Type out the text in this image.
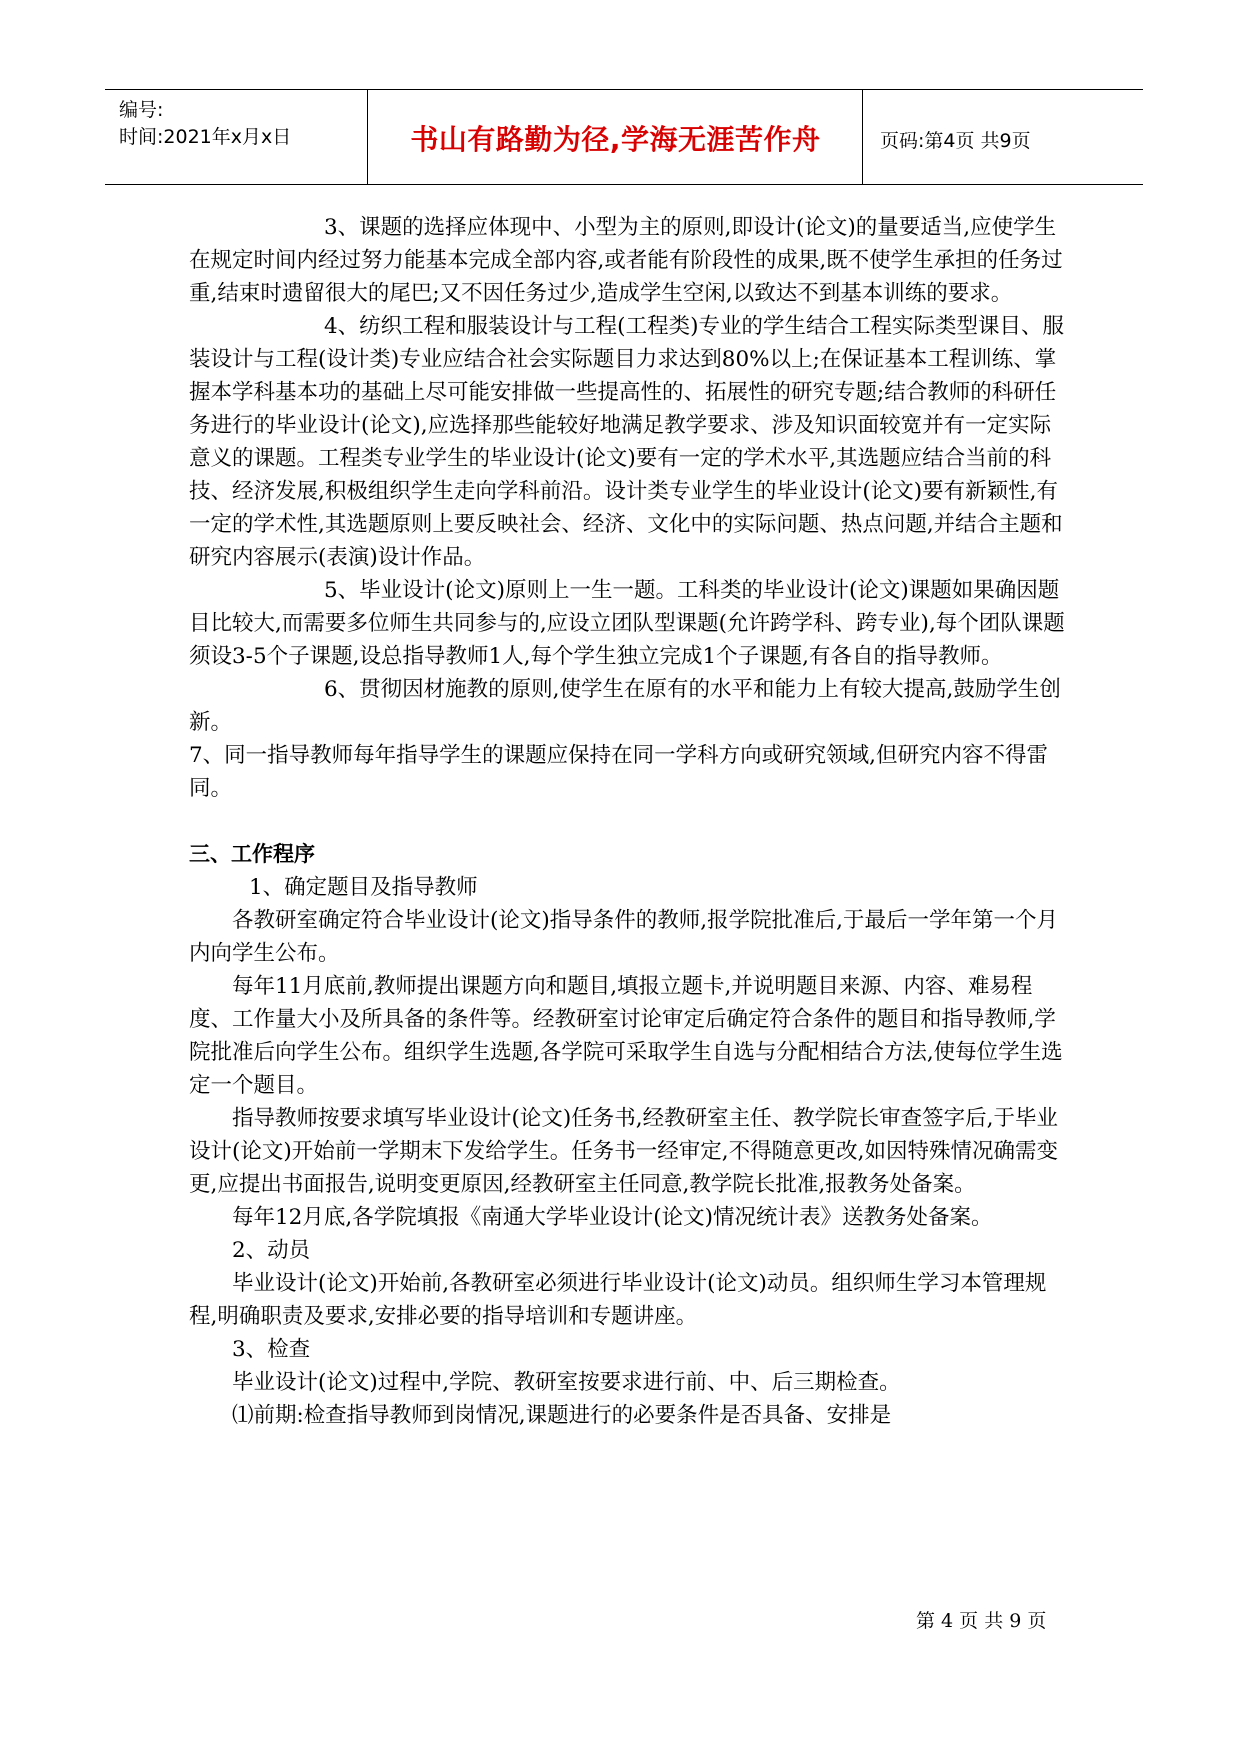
编号:
时间:2021年x月x日	书山有路勤为径,学海无涯苦作舟	页码:第4页 共9页

3、课题的选择应体现中、小型为主的原则,即设计(论文)的量要适当,应使学生在规定时间内经过努力能基本完成全部内容,或者能有阶段性的成果,既不使学生承担的任务过重,结束时遗留很大的尾巴;又不因任务过少,造成学生空闲,以致达不到基本训练的要求。

4、纺织工程和服装设计与工程(工程类)专业的学生结合工程实际类型课目、服装设计与工程(设计类)专业应结合社会实际题目力求达到80%以上;在保证基本工程训练、掌握本学科基本功的基础上尽可能安排做一些提高性的、拓展性的研究专题;结合教师的科研任务进行的毕业设计(论文),应选择那些能较好地满足教学要求、涉及知识面较宽并有一定实际意义的课题。工程类专业学生的毕业设计(论文)要有一定的学术水平,其选题应结合当前的科技、经济发展,积极组织学生走向学科前沿。设计类专业学生的毕业设计(论文)要有新颖性,有一定的学术性,其选题原则上要反映社会、经济、文化中的实际问题、热点问题,并结合主题和研究内容展示(表演)设计作品。

5、毕业设计(论文)原则上一生一题。工科类的毕业设计(论文)课题如果确因题目比较大,而需要多位师生共同参与的,应设立团队型课题(允许跨学科、跨专业),每个团队课题须设3-5个子课题,设总指导教师1人,每个学生独立完成1个子课题,有各自的指导教师。

6、贯彻因材施教的原则,使学生在原有的水平和能力上有较大提高,鼓励学生创新。

7、同一指导教师每年指导学生的课题应保持在同一学科方向或研究领域,但研究内容不得雷同。

三、工作程序

1、确定题目及指导教师

各教研室确定符合毕业设计(论文)指导条件的教师,报学院批准后,于最后一学年第一个月内向学生公布。

每年11月底前,教师提出课题方向和题目,填报立题卡,并说明题目来源、内容、难易程度、工作量大小及所具备的条件等。经教研室讨论审定后确定符合条件的题目和指导教师,学院批准后向学生公布。组织学生选题,各学院可采取学生自选与分配相结合方法,使每位学生选定一个题目。

指导教师按要求填写毕业设计(论文)任务书,经教研室主任、教学院长审查签字后,于毕业设计(论文)开始前一学期末下发给学生。任务书一经审定,不得随意更改,如因特殊情况确需变更,应提出书面报告,说明变更原因,经教研室主任同意,教学院长批准,报教务处备案。

每年12月底,各学院填报《南通大学毕业设计(论文)情况统计表》送教务处备案。

2、动员

毕业设计(论文)开始前,各教研室必须进行毕业设计(论文)动员。组织师生学习本管理规程,明确职责及要求,安排必要的指导培训和专题讲座。

3、检查

毕业设计(论文)过程中,学院、教研室按要求进行前、中、后三期检查。

⑴前期:检查指导教师到岗情况,课题进行的必要条件是否具备、安排是

第 4 页 共 9 页
